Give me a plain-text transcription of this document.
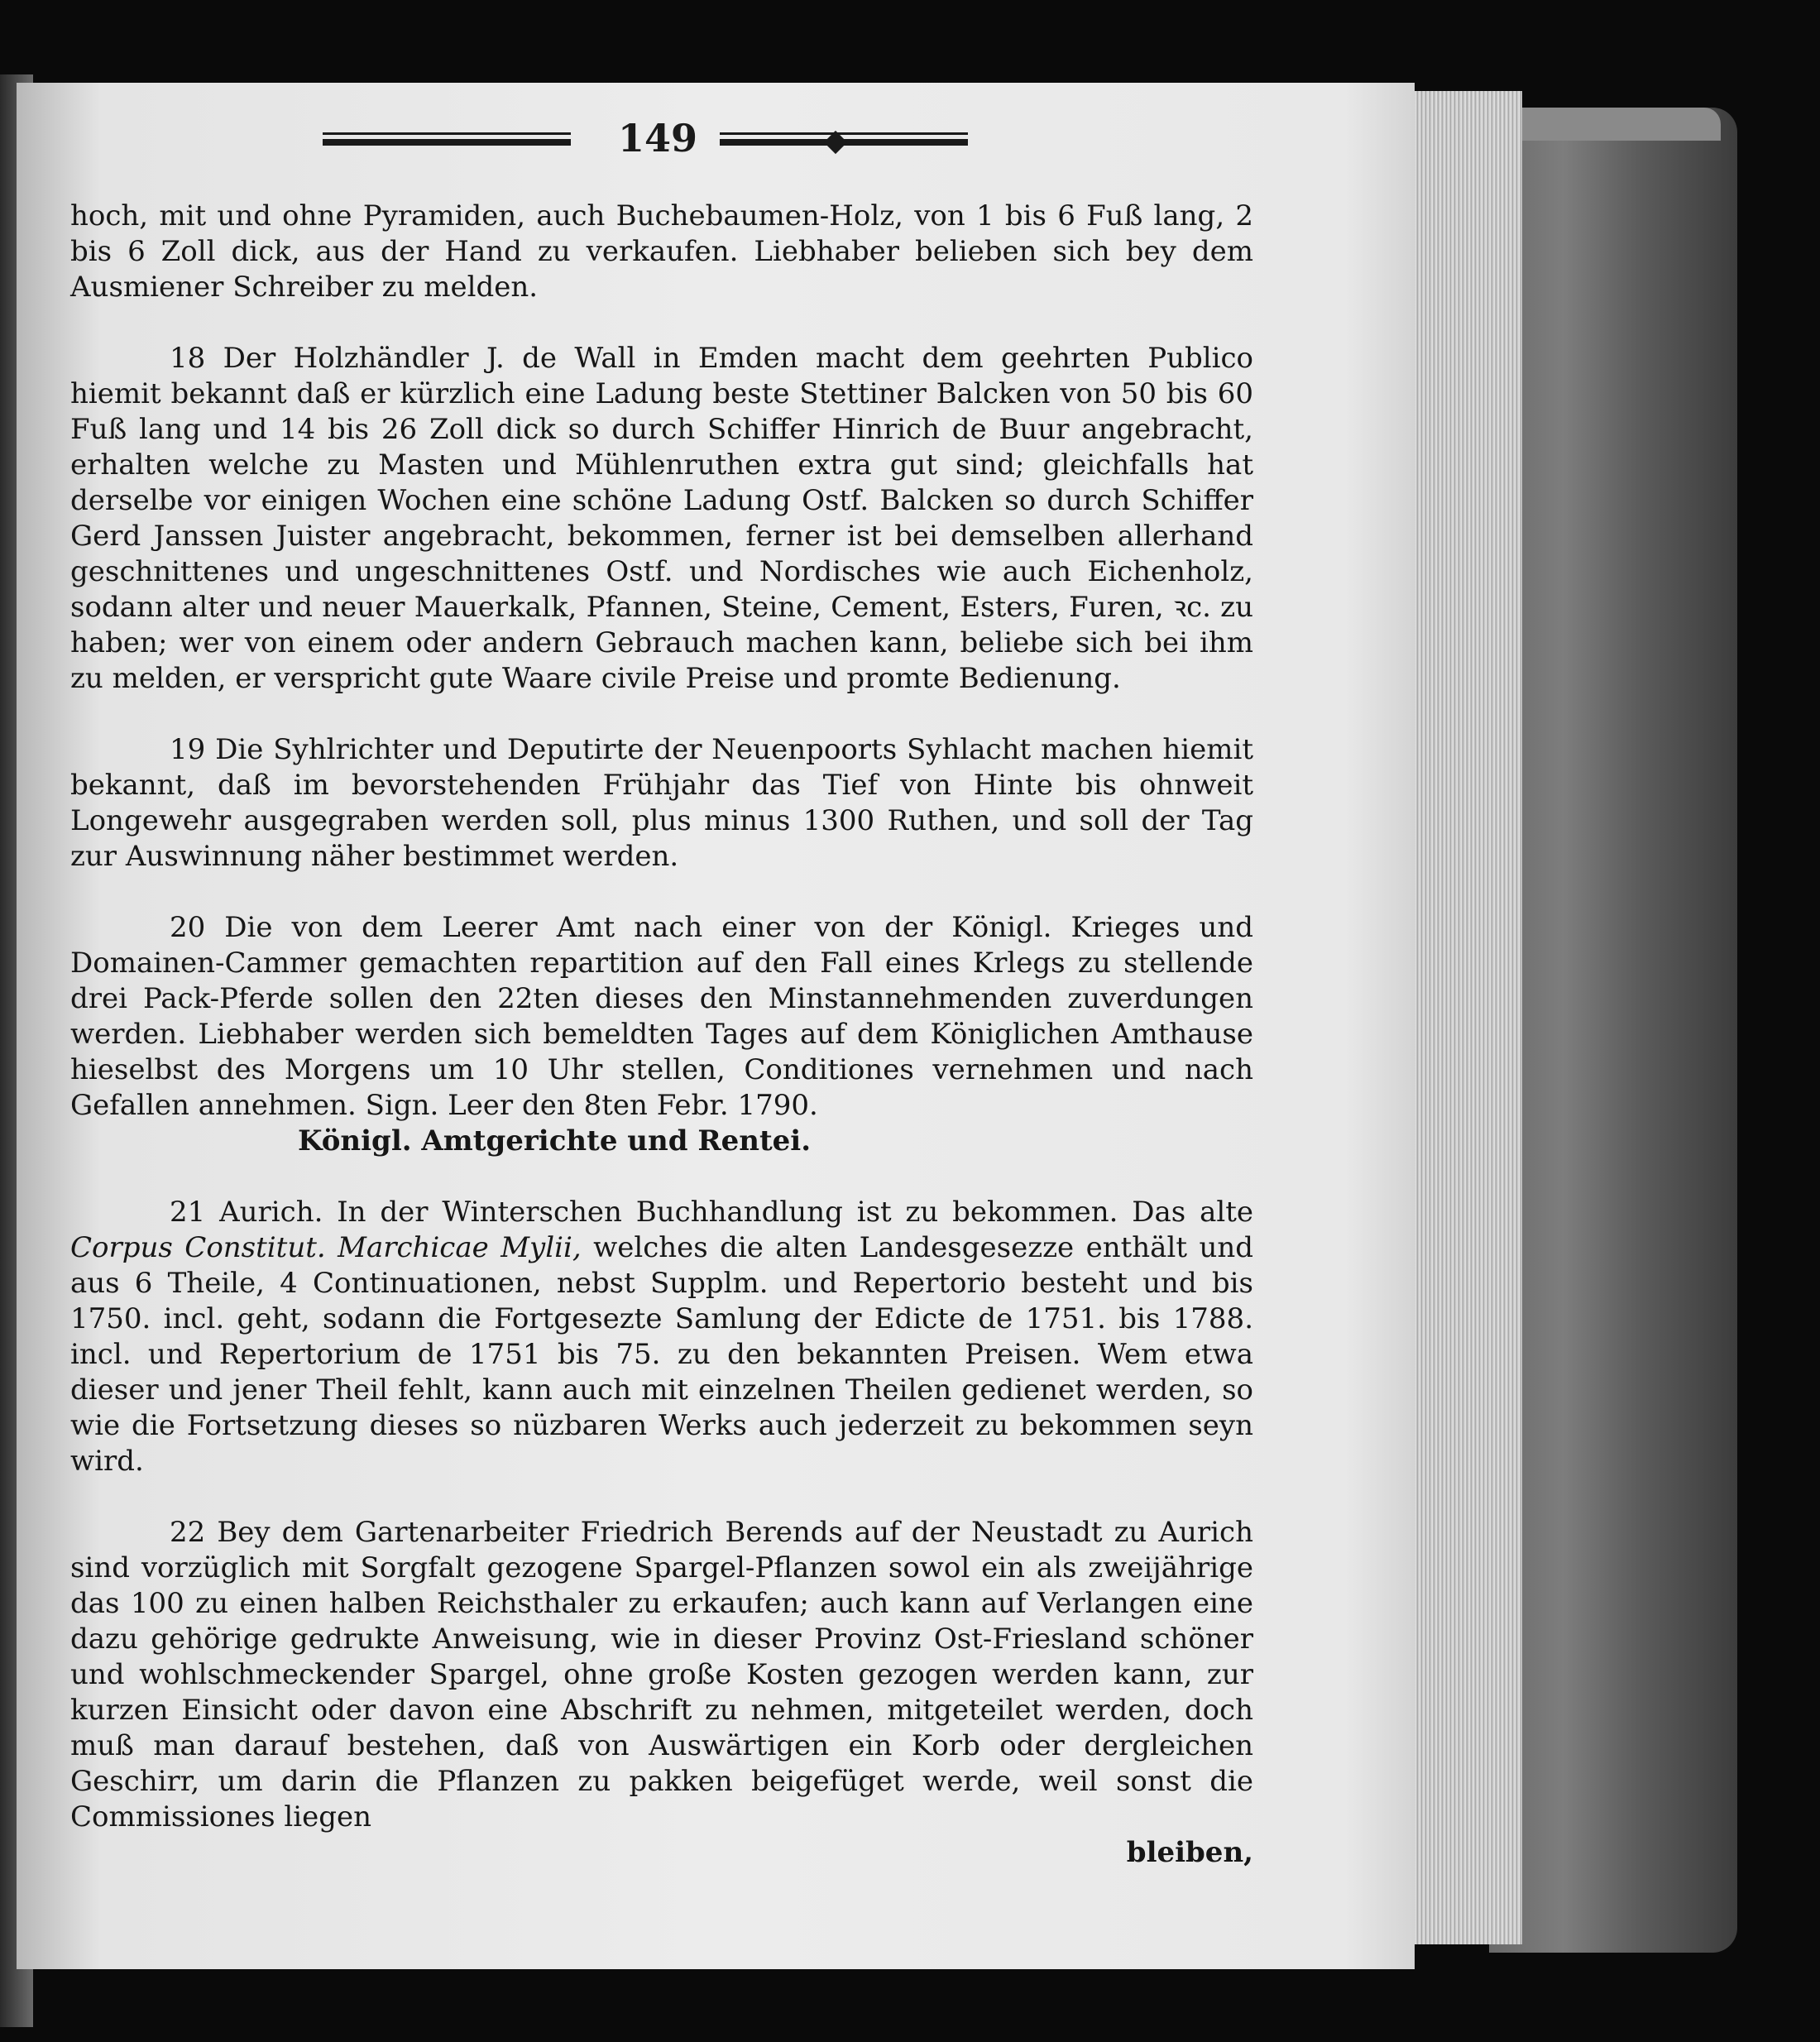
149

hoch, mit und ohne Pyramiden, auch Buchebaumen-Holz, von 1 bis 6 Fuß lang, 2 bis 6 Zoll dick, aus der Hand zu verkaufen. Liebhaber belieben sich bey dem Ausmiener Schreiber zu melden.

18 Der Holzhändler J. de Wall in Emden macht dem geehrten Publico hiemit bekannt daß er kürzlich eine Ladung beste Stettiner Balcken von 50 bis 60 Fuß lang und 14 bis 26 Zoll dick so durch Schiffer Hinrich de Buur angebracht, erhalten welche zu Masten und Mühlenruthen extra gut sind; gleichfalls hat derselbe vor einigen Wochen eine schöne Ladung Ostf. Balcken so durch Schiffer Gerd Janssen Juister angebracht, bekommen, ferner ist bei demselben allerhand geschnittenes und ungeschnittenes Ostf. und Nordisches wie auch Eichenholz, sodann alter und neuer Mauerkalk, Pfannen, Steine, Cement, Esters, Furen, ꝛc. zu haben; wer von einem oder andern Gebrauch machen kann, beliebe sich bei ihm zu melden, er verspricht gute Waare civile Preise und promte Bedienung.

19 Die Syhlrichter und Deputirte der Neuenpoorts Syhlacht machen hiemit bekannt, daß im bevorstehenden Frühjahr das Tief von Hinte bis ohnweit Longewehr ausgegraben werden soll, plus minus 1300 Ruthen, und soll der Tag zur Auswinnung näher bestimmet werden.

20 Die von dem Leerer Amt nach einer von der Königl. Krieges und Domainen-Cammer gemachten repartition auf den Fall eines Krlegs zu stellende drei Pack-Pferde sollen den 22ten dieses den Minstannehmenden zuverdungen werden. Liebhaber werden sich bemeldten Tages auf dem Königlichen Amthause hieselbst des Morgens um 10 Uhr stellen, Conditiones vernehmen und nach Gefallen annehmen. Sign. Leer den 8ten Febr. 1790.
Königl. Amtgerichte und Rentei.

21 Aurich. In der Winterschen Buchhandlung ist zu bekommen. Das alte Corpus Constitut. Marchicae Mylii, welches die alten Landesgesezze enthält und aus 6 Theile, 4 Continuationen, nebst Supplm. und Repertorio besteht und bis 1750. incl. geht, sodann die Fortgesezte Samlung der Edicte de 1751. bis 1788. incl. und Repertorium de 1751 bis 75. zu den bekannten Preisen. Wem etwa dieser und jener Theil fehlt, kann auch mit einzelnen Theilen gedienet werden, so wie die Fortsetzung dieses so nüzbaren Werks auch jederzeit zu bekommen seyn wird.

22 Bey dem Gartenarbeiter Friedrich Berends auf der Neustadt zu Aurich sind vorzüglich mit Sorgfalt gezogene Spargel-Pflanzen sowol ein als zweijährige das 100 zu einen halben Reichsthaler zu erkaufen; auch kann auf Verlangen eine dazu gehörige gedrukte Anweisung, wie in dieser Provinz Ost-Friesland schöner und wohlschmeckender Spargel, ohne große Kosten gezogen werden kann, zur kurzen Einsicht oder davon eine Abschrift zu nehmen, mitgeteilet werden, doch muß man darauf bestehen, daß von Auswärtigen ein Korb oder dergleichen Geschirr, um darin die Pflanzen zu pakken beigefüget werde, weil sonst die Commissiones liegen
bleiben,
